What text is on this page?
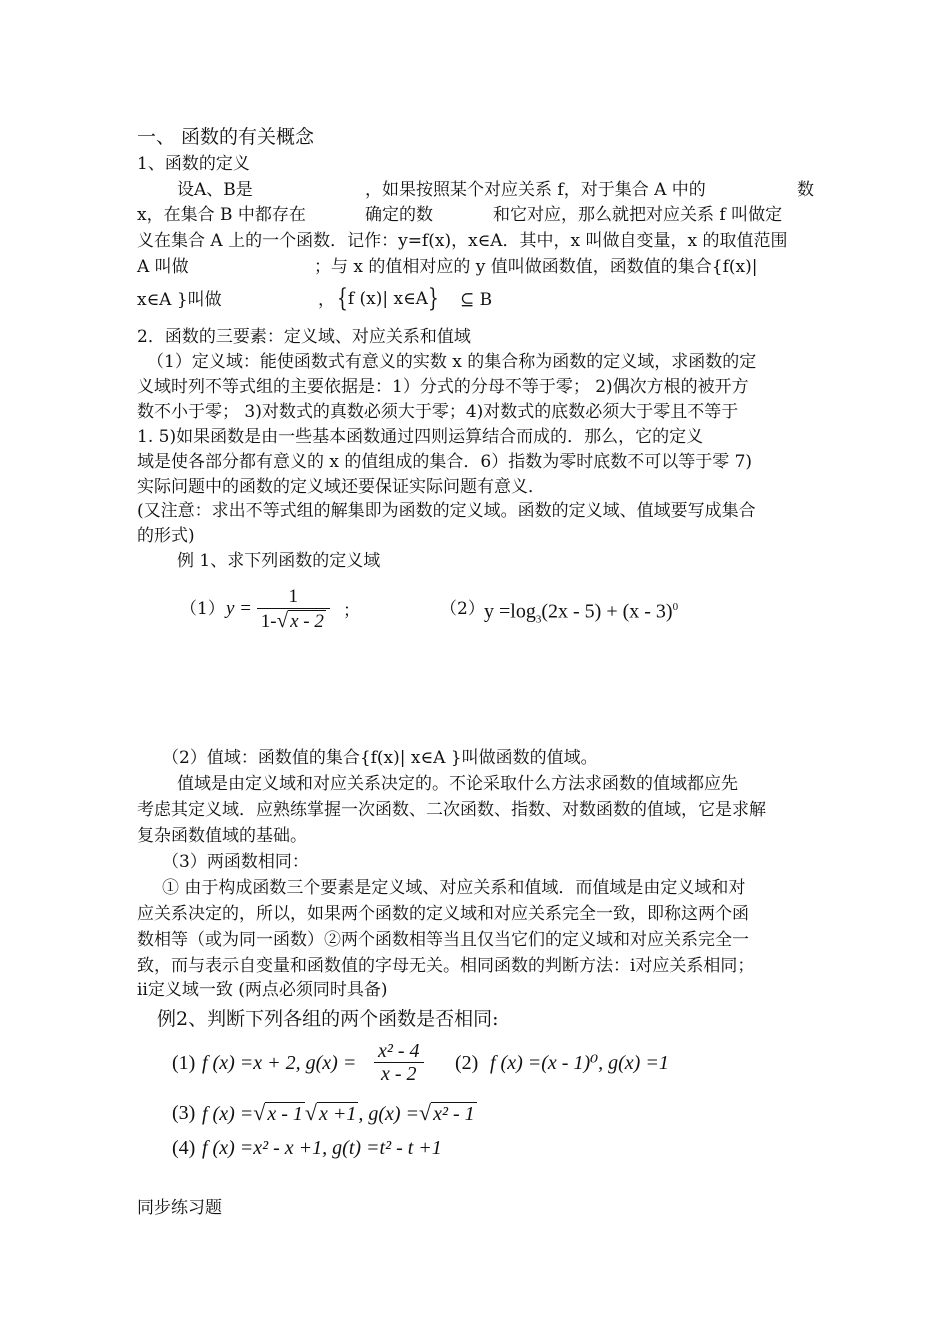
一、 函数的有关概念
1、函数的定义
设A、B是	，如果按照某个对应关系 f，对于集合 A 中的	数
x，在集合 B 中都存在	确定的数	和它对应，那么就把对应关系 f 叫做定
义在集合 A 上的一个函数．记作：y=f(x)，x∈A．其中，x 叫做自变量，x 的取值范围
A 叫做	；与 x 的值相对应的 y 值叫做函数值，函数值的集合{f(x)|
x∈A }叫做	， {f (x)| x∈A} ⊆ B
2．函数的三要素：定义域、对应关系和值域
（1）定义域：能使函数式有意义的实数 x 的集合称为函数的定义域，求函数的定
义域时列不等式组的主要依据是：1）分式的分母不等于零； 2)偶次方根的被开方
数不小于零； 3)对数式的真数必须大于零；4)对数式的底数必须大于零且不等于
1. 5)如果函数是由一些基本函数通过四则运算结合而成的．那么，它的定义
域是使各部分都有意义的 x 的值组成的集合．6）指数为零时底数不可以等于零 7)
实际问题中的函数的定义域还要保证实际问题有意义．
(又注意：求出不等式组的解集即为函数的定义域。函数的定义域、值域要写成集合
的形式)
例 1、求下列函数的定义域
（1） $y = \frac{1}{1-√ x - 2}$ ；	（2） $y =\log_3(2x - 5) + (x - 3)^0$
（2）值域：函数值的集合{f(x)| x∈A }叫做函数的值域。
值域是由定义域和对应关系决定的。不论采取什么方法求函数的值域都应先
考虑其定义域．应熟练掌握一次函数、二次函数、指数、对数函数的值域，它是求解
复杂函数值域的基础。
（3）两函数相同：
① 由于构成函数三个要素是定义域、对应关系和值域．而值域是由定义域和对
应关系决定的，所以，如果两个函数的定义域和对应关系完全一致，即称这两个函
数相等（或为同一函数）②两个函数相等当且仅当它们的定义域和对应关系完全一
致，而与表示自变量和函数值的字母无关。相同函数的判断方法：ⅰ对应关系相同；
ⅱ定义域一致 (两点必须同时具备)
例2、判断下列各组的两个函数是否相同:
(1) f (x) =x + 2, $g(x) = \frac{\text{x² - 4}}{x - 2} (2)$ f (x) =(x - 1)⁰, g(x) =1
(3) f (x) =√ x - 1√ x +1 , g(x) =√ x² - 1
(4) f (x) =x² - x +1, g(t) =t² - t +1
同步练习题
